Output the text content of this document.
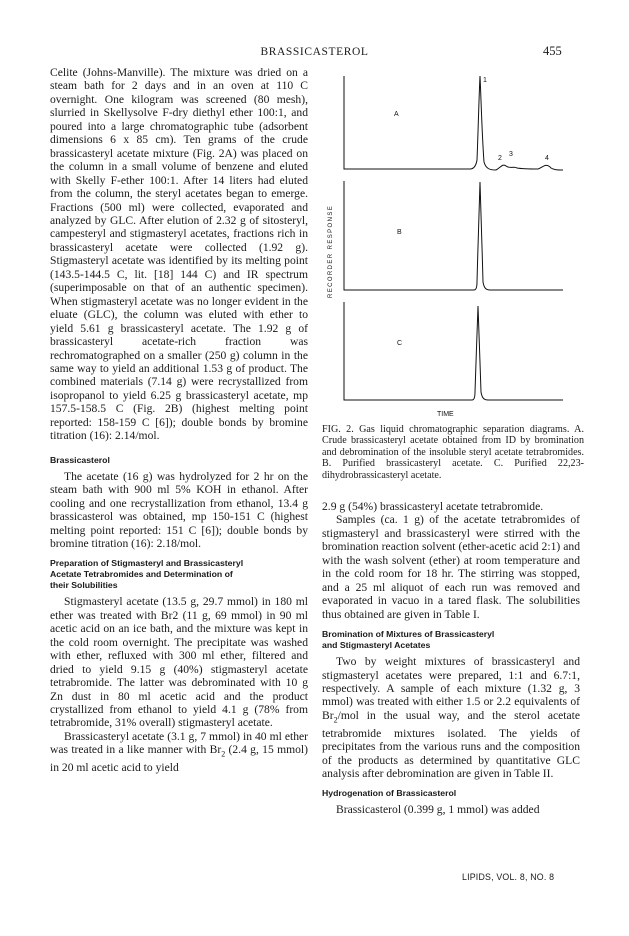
BRASSICASTEROL	455

Celite (Johns-Manville). The mixture was dried on a steam bath for 2 days and in an oven at 110 C overnight. One kilogram was screened (80 mesh), slurried in Skellysolve F-dry diethyl ether 100:1, and poured into a large chromatographic tube (adsorbent dimensions 6 x 85 cm). Ten grams of the crude brassicasteryl acetate mixture (Fig. 2A) was placed on the column in a small volume of benzene and eluted with Skelly F-ether 100:1. After 14 liters had eluted from the column, the steryl acetates began to emerge. Fractions (500 ml) were collected, evaporated and analyzed by GLC. After elution of 2.32 g of sitosteryl, campesteryl and stigmasteryl acetates, fractions rich in brassicasteryl acetate were collected (1.92 g). Stigmasteryl acetate was identified by its melting point (143.5-144.5 C, lit. [18] 144 C) and IR spectrum (superimposable on that of an authentic specimen). When stigmasteryl acetate was no longer evident in the eluate (GLC), the column was eluted with ether to yield 5.61 g brassicasteryl acetate. The 1.92 g of brassicasteryl acetate-rich fraction was rechromatographed on a smaller (250 g) column in the same way to yield an additional 1.53 g of product. The combined materials (7.14 g) were recrystallized from isopropanol to yield 6.25 g brassicasteryl acetate, mp 157.5-158.5 C (Fig. 2B) (highest melting point reported: 158-159 C [6]); double bonds by bromine titration (16): 2.14/mol.

Brassicasterol

The acetate (16 g) was hydrolyzed for 2 hr on the steam bath with 900 ml 5% KOH in ethanol. After cooling and one recrystallization from ethanol, 13.4 g brassicasterol was obtained, mp 150-151 C (highest melting point reported: 151 C [6]); double bonds by bromine titration (16): 2.18/mol.

Preparation of Stigmasteryl and Brassicasteryl
Acetate Tetrabromides and Determination of
their Solubilities

Stigmasteryl acetate (13.5 g, 29.7 mmol) in 180 ml ether was treated with Br2 (11 g, 69 mmol) in 90 ml acetic acid on an ice bath, and the mixture was kept in the cold room overnight. The precipitate was washed with ether, refluxed with 300 ml ether, filtered and dried to yield 9.15 g (40%) stigmasteryl acetate tetrabromide. The latter was debrominated with 10 g Zn dust in 80 ml acetic acid and the product crystallized from ethanol to yield 4.1 g (78% from tetrabromide, 31% overall) stigmasteryl acetate.

Brassicasteryl acetate (3.1 g, 7 mmol) in 40 ml ether was treated in a like manner with $Br_2$ (2.4 g, 15 mmol) in 20 ml acetic acid to yield

A
B
C
1
2
3
4
RECORDER RESPONSE
TIME
FIG. 2. Gas liquid chromatographic separation diagrams. A. Crude brassicasteryl acetate obtained from ID by bromination and debromination of the insoluble steryl acetate tetrabromides. B. Purified brassicasteryl acetate. C. Purified 22,23-dihydrobrassicasteryl acetate.

2.9 g (54%) brassicasteryl acetate tetrabromide.

Samples (ca. 1 g) of the acetate tetrabromides of stigmasteryl and brassicasteryl were stirred with the bromination reaction solvent (ether-acetic acid 2:1) and with the wash solvent (ether) at room temperature and in the cold room for 18 hr. The stirring was stopped, and a 25 ml aliquot of each run was removed and evaporated in vacuo in a tared flask. The solubilities thus obtained are given in Table I.

Bromination of Mixtures of Brassicasteryl
and Stigmasteryl Acetates

Two by weight mixtures of brassicasteryl and stigmasteryl acetates were prepared, 1:1 and 6.7:1, respectively. A sample of each mixture (1.32 g, 3 mmol) was treated with either 1.5 or 2.2 equivalents of $Br_2$/mol in the usual way, and the sterol acetate tetrabromide mixtures isolated. The yields of precipitates from the various runs and the composition of the products as determined by quantitative GLC analysis after debromination are given in Table II.

Hydrogenation of Brassicasterol

Brassicasterol (0.399 g, 1 mmol) was added

LIPIDS, VOL. 8, NO. 8
